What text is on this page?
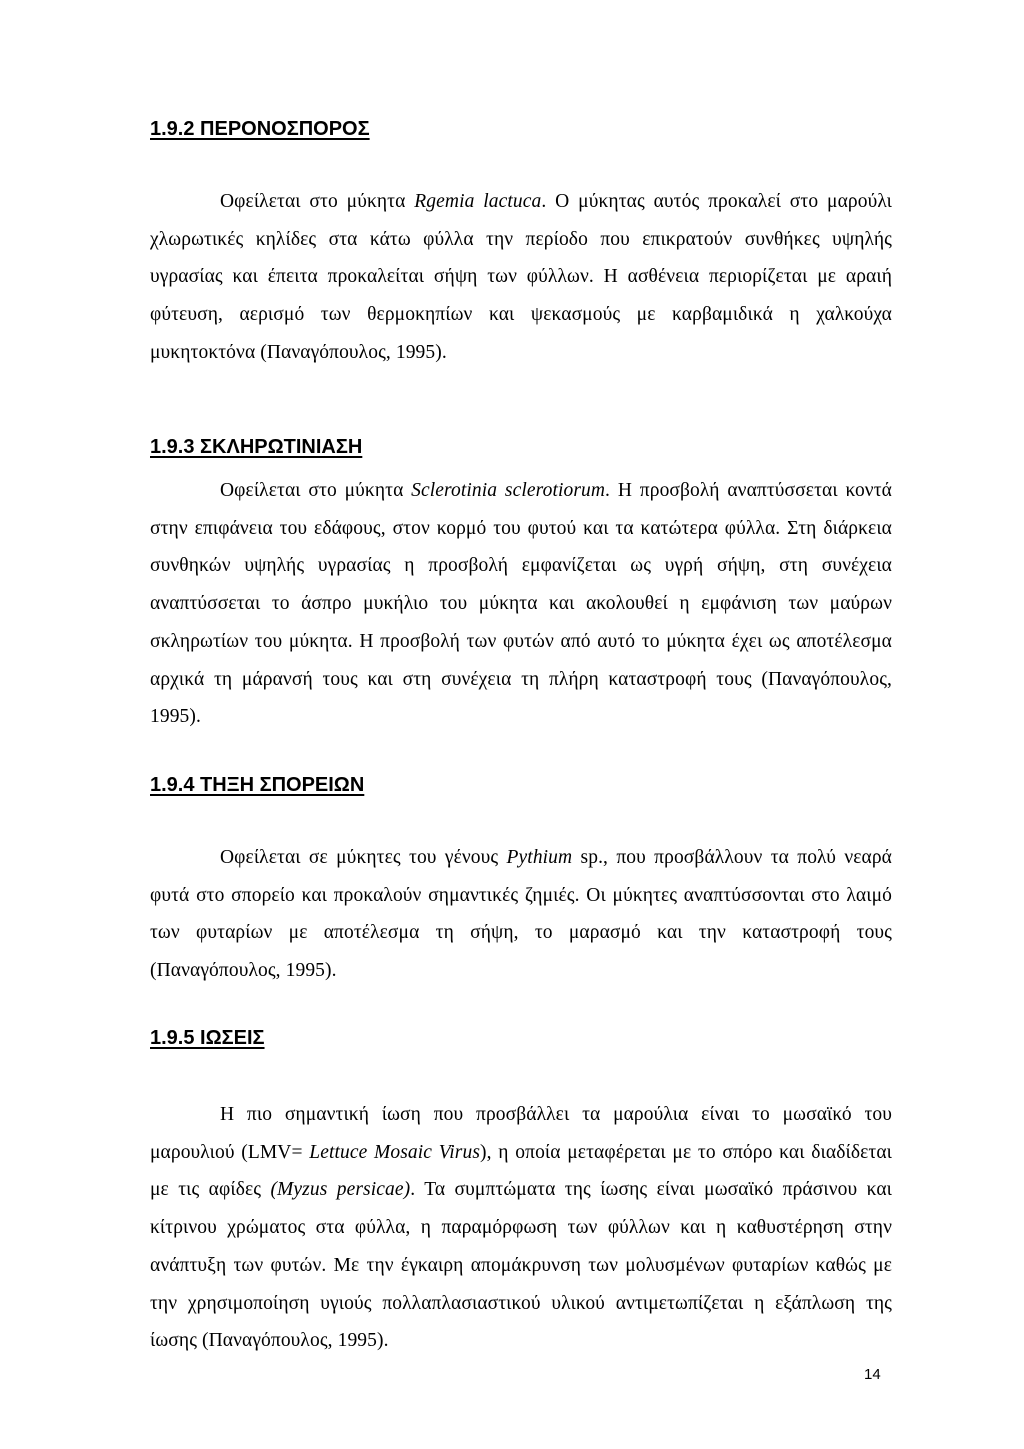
1.9.2 ΠΕΡΟΝΟΣΠΟΡΟΣ

Οφείλεται στο μύκητα Rgemia lactuca. Ο μύκητας αυτός προκαλεί στο μαρούλι χλωρωτικές κηλίδες στα κάτω φύλλα την περίοδο που επικρατούν συνθήκες υψηλής υγρασίας και έπειτα προκαλείται σήψη των φύλλων. Η ασθένεια περιορίζεται με αραιή φύτευση, αερισμό των θερμοκηπίων και ψεκασμούς με καρβαμιδικά η χαλκούχα μυκητοκτόνα (Παναγόπουλος, 1995).

1.9.3 ΣΚΛΗΡΩΤΙΝΙΑΣΗ

Οφείλεται στο μύκητα Sclerotinia sclerotiorum. Η προσβολή αναπτύσσεται κοντά στην επιφάνεια του εδάφους, στον κορμό του φυτού και τα κατώτερα φύλλα. Στη διάρκεια συνθηκών υψηλής υγρασίας η προσβολή εμφανίζεται ως υγρή σήψη, στη συνέχεια αναπτύσσεται το άσπρο μυκήλιο του μύκητα και ακολουθεί η εμφάνιση των μαύρων σκληρωτίων του μύκητα. Η προσβολή των φυτών από αυτό το μύκητα έχει ως αποτέλεσμα αρχικά τη μάρανσή τους και στη συνέχεια τη πλήρη καταστροφή τους (Παναγόπουλος, 1995).

1.9.4 ΤΗΞΗ ΣΠΟΡΕΙΩΝ

Οφείλεται σε μύκητες του γένους Pythium sp., που προσβάλλουν τα πολύ νεαρά φυτά στο σπορείο και προκαλούν σημαντικές ζημιές. Οι μύκητες αναπτύσσονται στο λαιμό των φυταρίων με αποτέλεσμα τη σήψη, το μαρασμό και την καταστροφή τους (Παναγόπουλος, 1995).

1.9.5 ΙΩΣΕΙΣ

Η πιο σημαντική ίωση που προσβάλλει τα μαρούλια είναι το μωσαϊκό του μαρουλιού (LMV= Lettuce Mosaic Virus), η οποία μεταφέρεται με το σπόρο και διαδίδεται με τις αφίδες (Myzus persicae). Τα συμπτώματα της ίωσης είναι μωσαϊκό πράσινου και κίτρινου χρώματος στα φύλλα, η παραμόρφωση των φύλλων και η καθυστέρηση στην ανάπτυξη των φυτών. Με την έγκαιρη απομάκρυνση των μολυσμένων φυταρίων καθώς με την χρησιμοποίηση υγιούς πολλαπλασιαστικού υλικού αντιμετωπίζεται η εξάπλωση της ίωσης (Παναγόπουλος, 1995).

14
